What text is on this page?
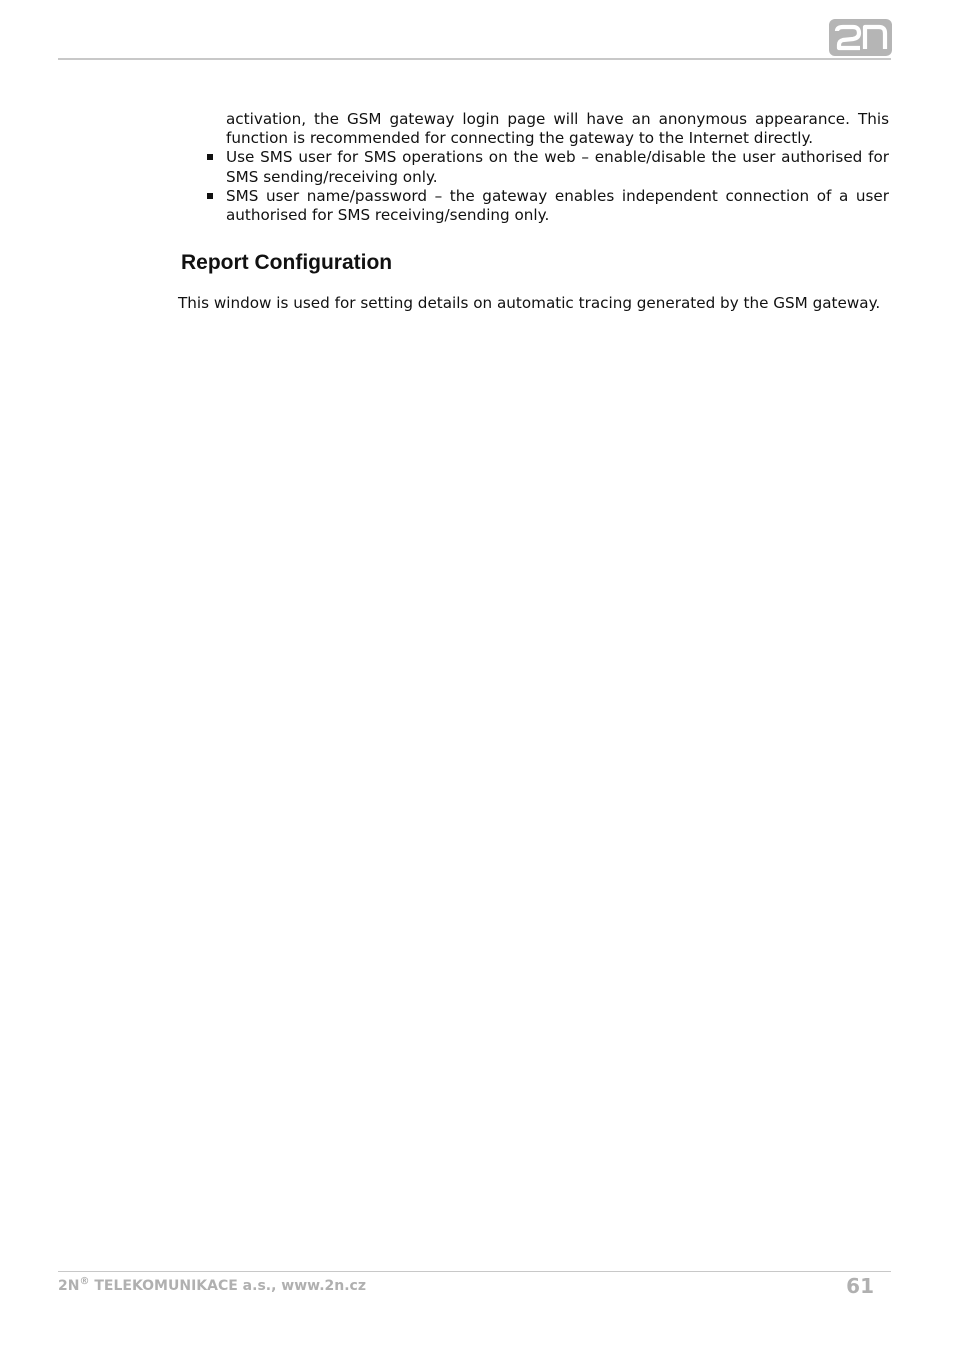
activation, the GSM gateway login page will have an anonymous appearance. This function is recommended for connecting the gateway to the Internet directly.

Use SMS user for SMS operations on the web – enable/disable the user authorised for SMS sending/receiving only.
SMS user name/password – the gateway enables independent connection of a user authorised for SMS receiving/sending only.
Report Configuration

This window is used for setting details on automatic tracing generated by the GSM gateway.

2N® TELEKOMUNIKACE a.s., www.2n.cz	61
